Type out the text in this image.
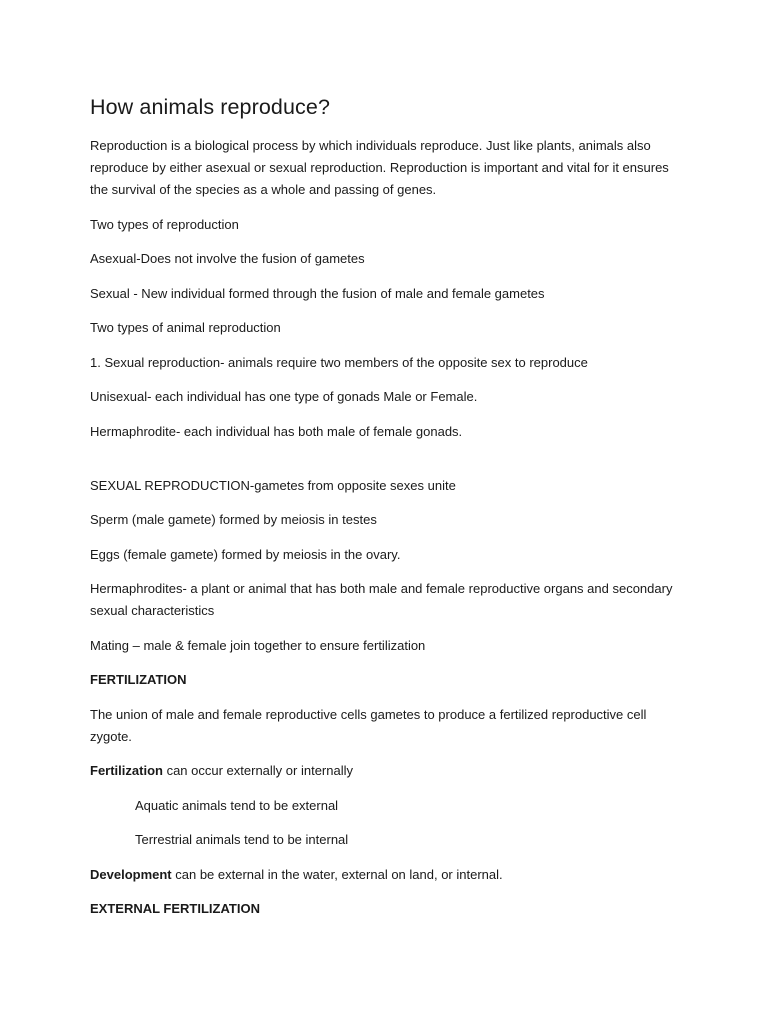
How animals reproduce?

Reproduction is a biological process by which individuals reproduce. Just like plants, animals also reproduce by either asexual or sexual reproduction. Reproduction is important and vital for it ensures the survival of the species as a whole and passing of genes.

Two types of reproduction

Asexual-Does not involve the fusion of gametes

Sexual - New individual formed through the fusion of male and female gametes

Two types of animal reproduction

1. Sexual reproduction- animals require two members of the opposite sex to reproduce

Unisexual- each individual has one type of gonads Male or Female.

Hermaphrodite- each individual has both male of female gonads.

SEXUAL REPRODUCTION-gametes from opposite sexes unite

Sperm (male gamete) formed by meiosis in testes

Eggs (female gamete) formed by meiosis in the ovary.

Hermaphrodites- a plant or animal that has both male and female reproductive organs and secondary sexual characteristics

Mating – male & female join together to ensure fertilization

FERTILIZATION

The union of male and female reproductive cells gametes to produce a fertilized reproductive cell zygote.

Fertilization can occur externally or internally

Aquatic animals tend to be external

Terrestrial animals tend to be internal

Development can be external in the water, external on land, or internal.

EXTERNAL FERTILIZATION
